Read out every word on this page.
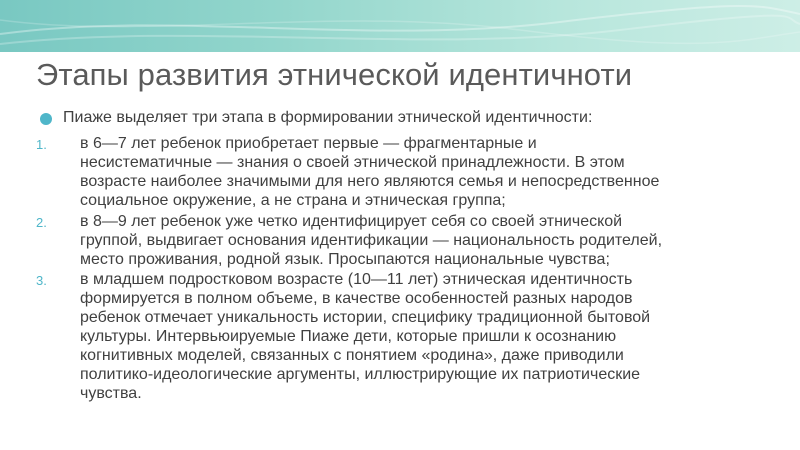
Этапы развития этнической идентичноти
Пиаже выделяет три этапа в формировании этнической идентичности:
1. в 6—7 лет ребенок приобретает первые — фрагментарные и
несистематичные — знания о своей этнической принадлежности. В этом
возрасте наиболее значимыми для него являются семья и непосредственное
социальное окружение, а не страна и этническая группа;
2. в 8—9 лет ребенок уже четко идентифицирует себя со своей этнической
группой, выдвигает основания идентификации — национальность родителей,
место проживания, родной язык. Просыпаются национальные чувства;
3. в младшем подростковом возрасте (10—11 лет) этническая идентичность
формируется в полном объеме, в качестве особенностей разных народов
ребенок отмечает уникальность истории, специфику традиционной бытовой
культуры. Интервьюируемые Пиаже дети, которые пришли к осознанию
когнитивных моделей, связанных с понятием «родина», даже приводили
политико-идеологические аргументы, иллюстрирующие их патриотические
чувства.
